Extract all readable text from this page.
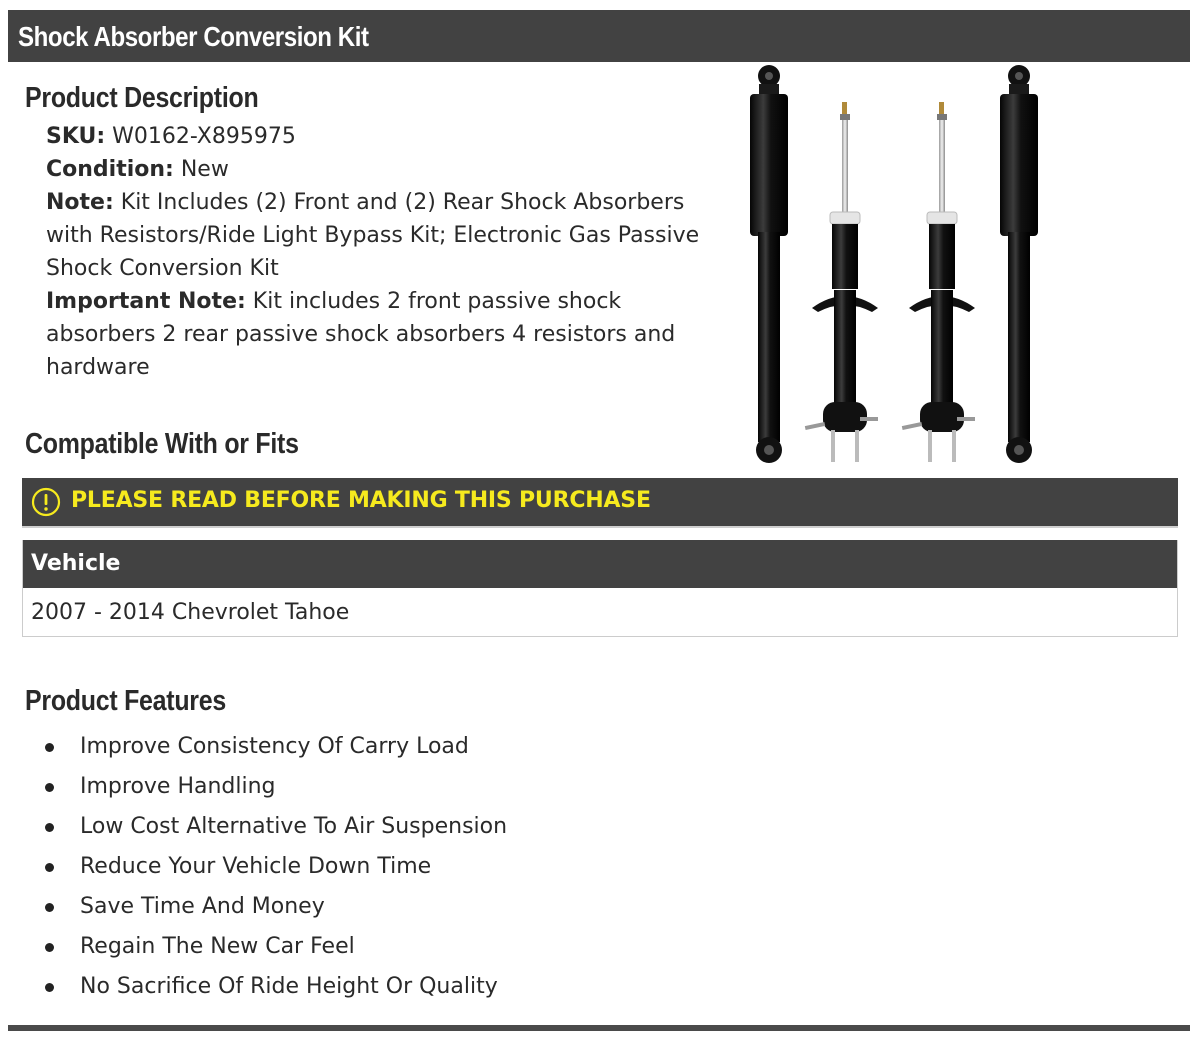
Shock Absorber Conversion Kit
Product Description

SKU: W0162-X895975

Condition: New

Note: Kit Includes (2) Front and (2) Rear Shock Absorbers with Resistors/Ride Light Bypass Kit; Electronic Gas Passive Shock Conversion Kit

Important Note: Kit includes 2 front passive shock absorbers 2 rear passive shock absorbers 4 resistors and hardware

Compatible With or Fits
PLEASE READ BEFORE MAKING THIS PURCHASE
Vehicle
2007 - 2014 Chevrolet Tahoe
Product Features
Improve Consistency Of Carry Load
Improve Handling
Low Cost Alternative To Air Suspension
Reduce Your Vehicle Down Time
Save Time And Money
Regain The New Car Feel
No Sacrifice Of Ride Height Or Quality
